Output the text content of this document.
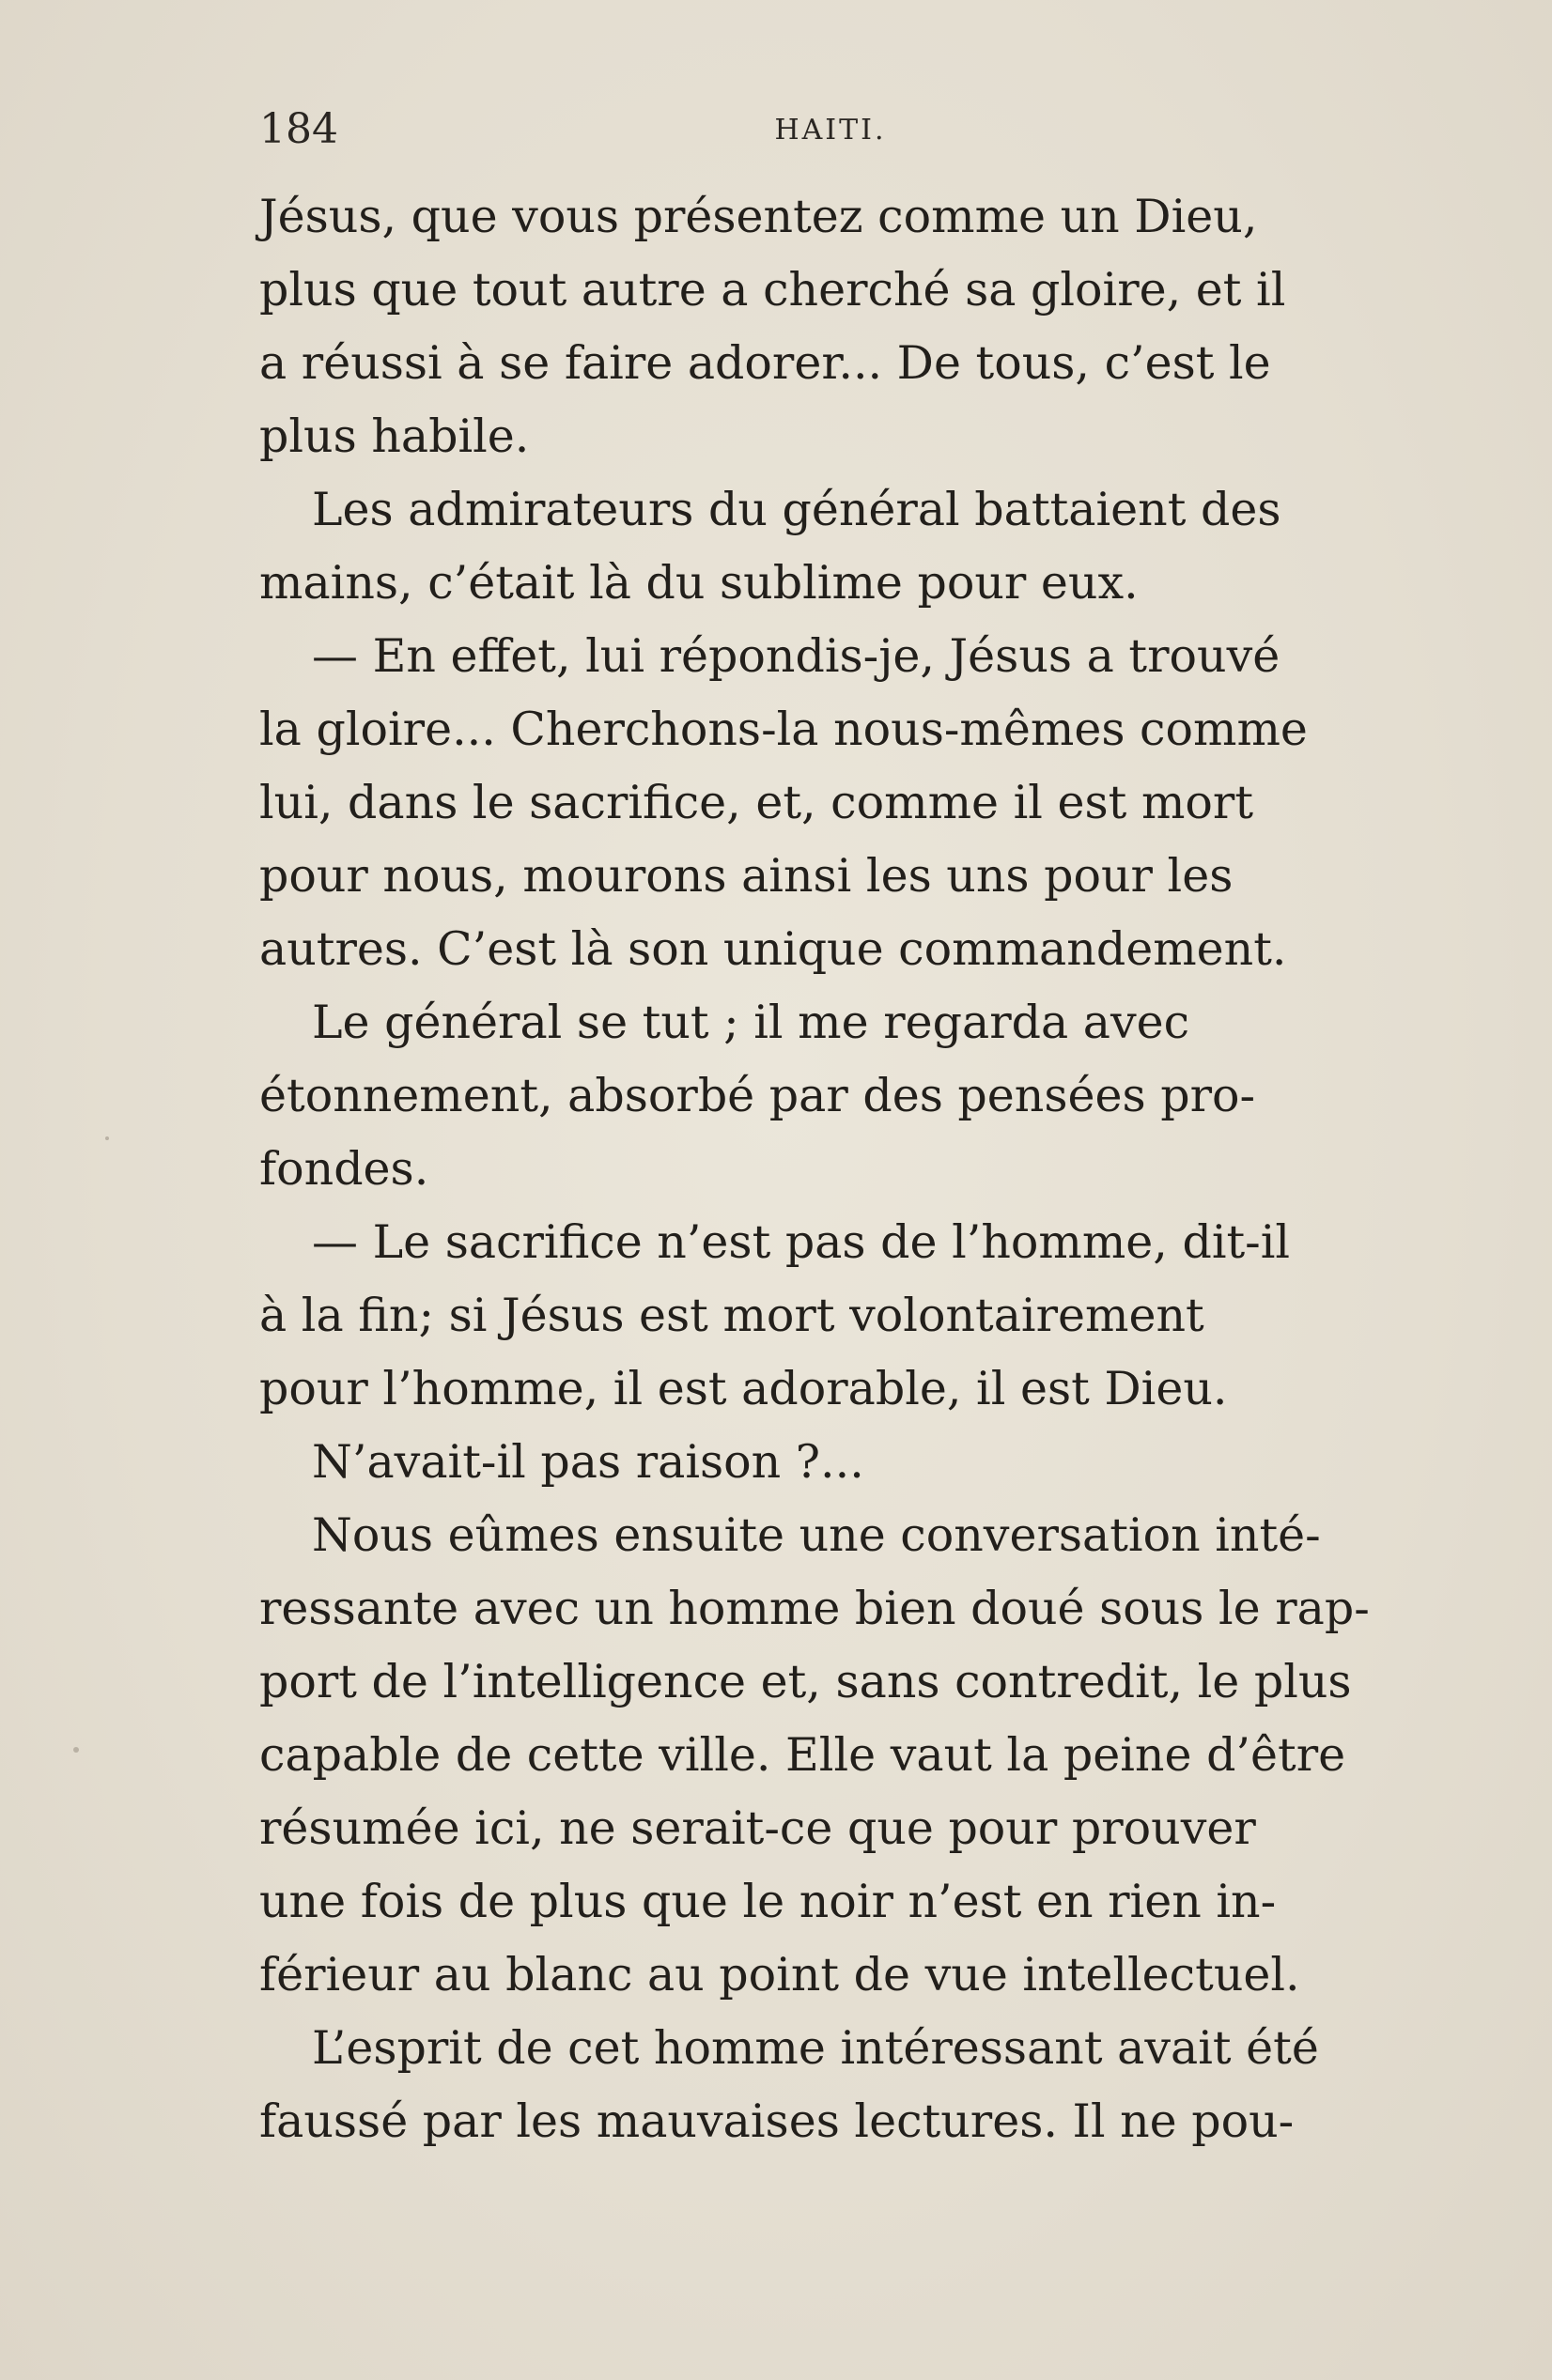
184	HAITI.
Jésus, que vous présentez comme un Dieu,
plus que tout autre a cherché sa gloire, et il
a réussi à se faire adorer... De tous, c’est le
plus habile.
Les admirateurs du général battaient des
mains, c’était là du sublime pour eux.
— En effet, lui répondis-je, Jésus a trouvé
la gloire... Cherchons-la nous-mêmes comme
lui, dans le sacrifice, et, comme il est mort
pour nous, mourons ainsi les uns pour les
autres. C’est là son unique commandement.
Le général se tut ; il me regarda avec
étonnement, absorbé par des pensées pro-
fondes.
— Le sacrifice n’est pas de l’homme, dit-il
à la fin; si Jésus est mort volontairement
pour l’homme, il est adorable, il est Dieu.
N’avait-il pas raison ?...
Nous eûmes ensuite une conversation inté-
ressante avec un homme bien doué sous le rap-
port de l’intelligence et, sans contredit, le plus
capable de cette ville. Elle vaut la peine d’être
résumée ici, ne serait-ce que pour prouver
une fois de plus que le noir n’est en rien in-
férieur au blanc au point de vue intellectuel.
L’esprit de cet homme intéressant avait été
faussé par les mauvaises lectures. Il ne pou-
